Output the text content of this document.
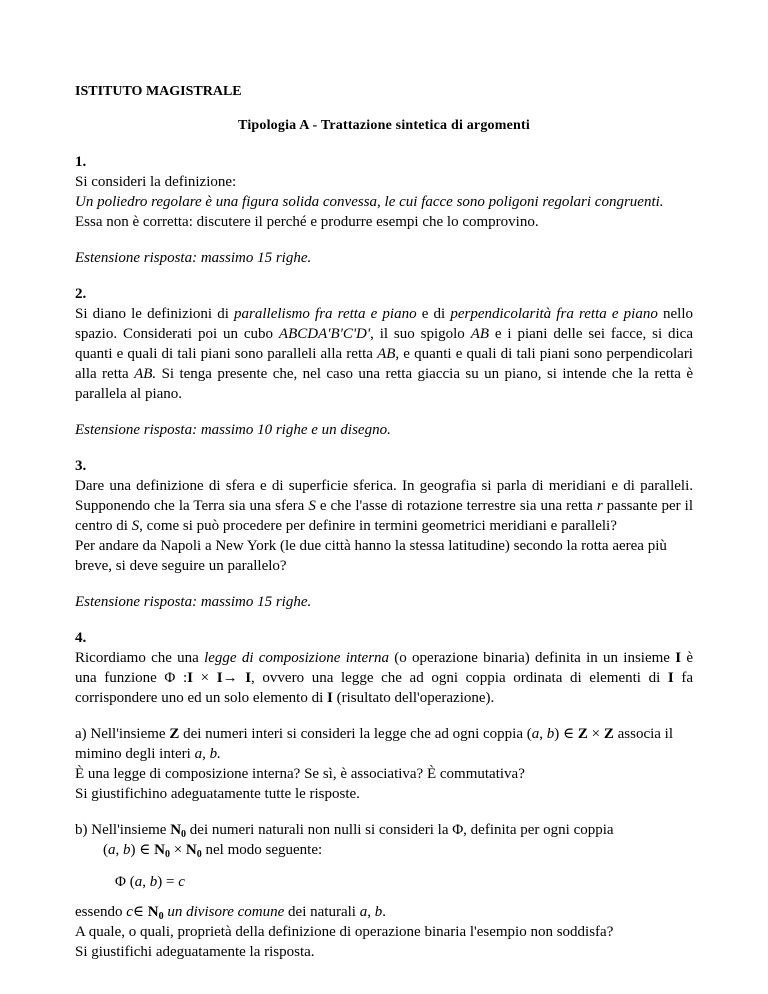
ISTITUTO MAGISTRALE

Tipologia A - Trattazione sintetica di argomenti

1.

Si consideri la definizione:

Un poliedro regolare è una figura solida convessa, le cui facce sono poligoni regolari congruenti.

Essa non è corretta: discutere il perché e produrre esempi che lo comprovino.

Estensione risposta: massimo 15 righe.

2.

Si diano le definizioni di parallelismo fra retta e piano e di perpendicolarità fra retta e piano nello spazio. Considerati poi un cubo ABCDA'B'C'D', il suo spigolo AB e i piani delle sei facce, si dica quanti e quali di tali piani sono paralleli alla retta AB, e quanti e quali di tali piani sono perpendicolari alla retta AB. Si tenga presente che, nel caso una retta giaccia su un piano, si intende che la retta è parallela al piano.

Estensione risposta: massimo 10 righe e un disegno.

3.

Dare una definizione di sfera e di superficie sferica. In geografia si parla di meridiani e di paralleli. Supponendo che la Terra sia una sfera S e che l'asse di rotazione terrestre sia una retta r passante per il centro di S, come si può procedere per definire in termini geometrici meridiani e paralleli?

Per andare da Napoli a New York (le due città hanno la stessa latitudine) secondo la rotta aerea più breve, si deve seguire un parallelo?

Estensione risposta: massimo 15 righe.

4.

Ricordiamo che una legge di composizione interna (o operazione binaria) definita in un insieme I è una funzione Φ :I × I→ I, ovvero una legge che ad ogni coppia ordinata di elementi di I fa corrispondere uno ed un solo elemento di I (risultato dell'operazione).

a) Nell'insieme Z dei numeri interi si consideri la legge che ad ogni coppia (a, b) ∈ Z × Z associa il mimino degli interi a, b.

È una legge di composizione interna? Se sì, è associativa? È commutativa?

Si giustifichino adeguatamente tutte le risposte.

b) Nell'insieme $N_0$ dei numeri naturali non nulli si consideri la Φ, definita per ogni coppia

(a, b) ∈ $N_0 \times N_0$ nel modo seguente:

Φ (a, b) = c

essendo c∈ $N_0$ un divisore comune dei naturali a, b.

A quale, o quali, proprietà della definizione di operazione binaria l'esempio non soddisfa?

Si giustifichi adeguatamente la risposta.
